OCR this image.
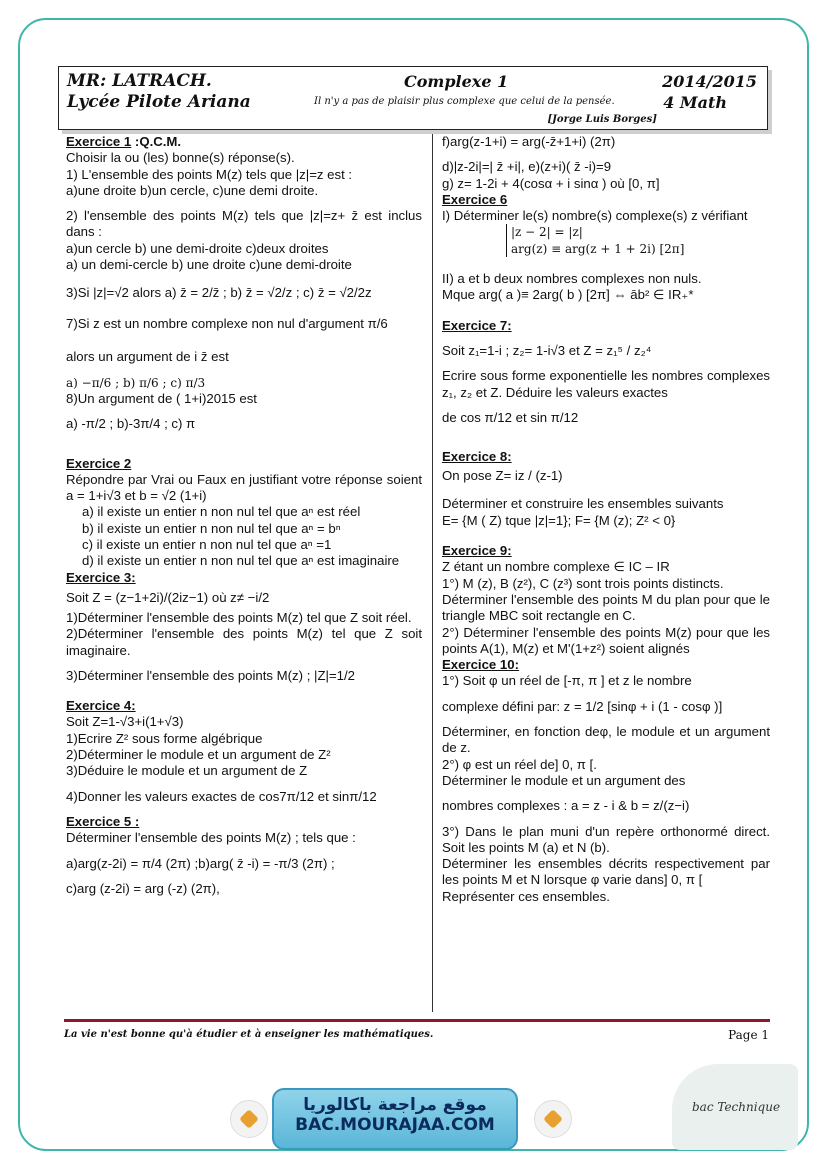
MR: LATRACH.
Lycée Pilote Ariana
Complexe 1	2014/2015
Il n'y a pas de plaisir plus complexe que celui de la pensée.	4 Math
[Jorge Luis Borges]

Exercice 1 :Q.C.M.

Choisir la ou (les) bonne(s) réponse(s).

1) L'ensemble des points M(z) tels que |z|=z est :

a)une droite b)un cercle, c)une demi droite.

2) l'ensemble des points M(z) tels que |z|=z+ z̄ est inclus dans :

a)un cercle b) une demi-droite c)deux droites

a) un demi-cercle b) une droite c)une demi-droite

3)Si |z|=√2 alors a) z̄ = 2/z̄ ; b) z̄ = √2/z ; c) z̄ = √2/2z

7)Si z est un nombre complexe non nul d'argument π/6

alors un argument de i z̄ est

a) −π/6 ; b) π/6 ; c) π/3

8)Un argument de ( 1+i)2015 est

a) -π/2 ; b)-3π/4 ; c) π

Exercice 2

Répondre par Vrai ou Faux en justifiant votre réponse soient a = 1+i√3 et b = √2 (1+i)

a) il existe un entier n non nul tel que aⁿ est réel

b) il existe un entier n non nul tel que aⁿ = bⁿ

c) il existe un entier n non nul tel que aⁿ =1

d) il existe un entier n non nul tel que aⁿ est imaginaire

Exercice 3:

Soit Z = (z−1+2i)/(2iz−1) où z≠ −i/2

1)Déterminer l'ensemble des points M(z) tel que Z soit réel.

2)Déterminer l'ensemble des points M(z) tel que Z soit imaginaire.

3)Déterminer l'ensemble des points M(z) ; |Z|=1/2

Exercice 4:

Soit Z=1-√3+i(1+√3)

1)Ecrire Z² sous forme algébrique

2)Déterminer le module et un argument de Z²

3)Déduire le module et un argument de Z

4)Donner les valeurs exactes de cos7π/12 et sinπ/12

Exercice 5 :

Déterminer l'ensemble des points M(z) ; tels que :

a)arg(z-2i) = π/4 (2π) ;b)arg( z̄ -i) = -π/3 (2π) ;

c)arg (z-2i) = arg (-z) (2π),

f)arg(z-1+i) = arg(-z̄+1+i) (2π)

d)|z-2i|=| z̄ +i|, e)(z+i)( z̄ -i)=9

g) z= 1-2i + 4(cosα + i sinα ) où [0, π]

Exercice 6

I) Déterminer le(s) nombre(s) complexe(s) z vérifiant

|z − 2| = |z|

arg(z) ≡ arg(z + 1 + 2i) [2π]

II) a et b deux nombres complexes non nuls.

Mque arg( a )≡ 2arg( b ) [2π] ⇔ āb² ∈ IR₊*

Exercice 7:

Soit z₁=1-i ; z₂= 1-i√3 et Z = z₁⁵ / z₂⁴

Ecrire sous forme exponentielle les nombres complexes z₁, z₂ et Z. Déduire les valeurs exactes

de cos π/12 et sin π/12

Exercice 8:

On pose Z= iz / (z-1)

Déterminer et construire les ensembles suivants

E= {M ( Z) tque |z|=1}; F= {M (z); Z² < 0}

Exercice 9:

Z étant un nombre complexe ∈ IC – IR

1°) M (z), B (z²), C (z³) sont trois points distincts.

Déterminer l'ensemble des points M du plan pour que le triangle MBC soit rectangle en C.

2°) Déterminer l'ensemble des points M(z) pour que les points A(1), M(z) et M'(1+z²) soient alignés

Exercice 10:

1°) Soit φ un réel de [-π, π ] et z le nombre

complexe défini par: z = 1/2 [sinφ + i (1 - cosφ )]

Déterminer, en fonction deφ, le module et un argument de z.

2°) φ est un réel de] 0, π [.

Déterminer le module et un argument des

nombres complexes : a = z - i & b = z/(z−i)

3°) Dans le plan muni d'un repère orthonormé direct. Soit les points M (a) et N (b).

Déterminer les ensembles décrits respectivement par les points M et N lorsque φ varie dans] 0, π [

Représenter ces ensembles.

La vie n'est bonne qu'à étudier et à enseigner les mathématiques.	Page 1
موقع مراجعة باكالوريا
BAC.MOURAJAA.COM
bac Technique
